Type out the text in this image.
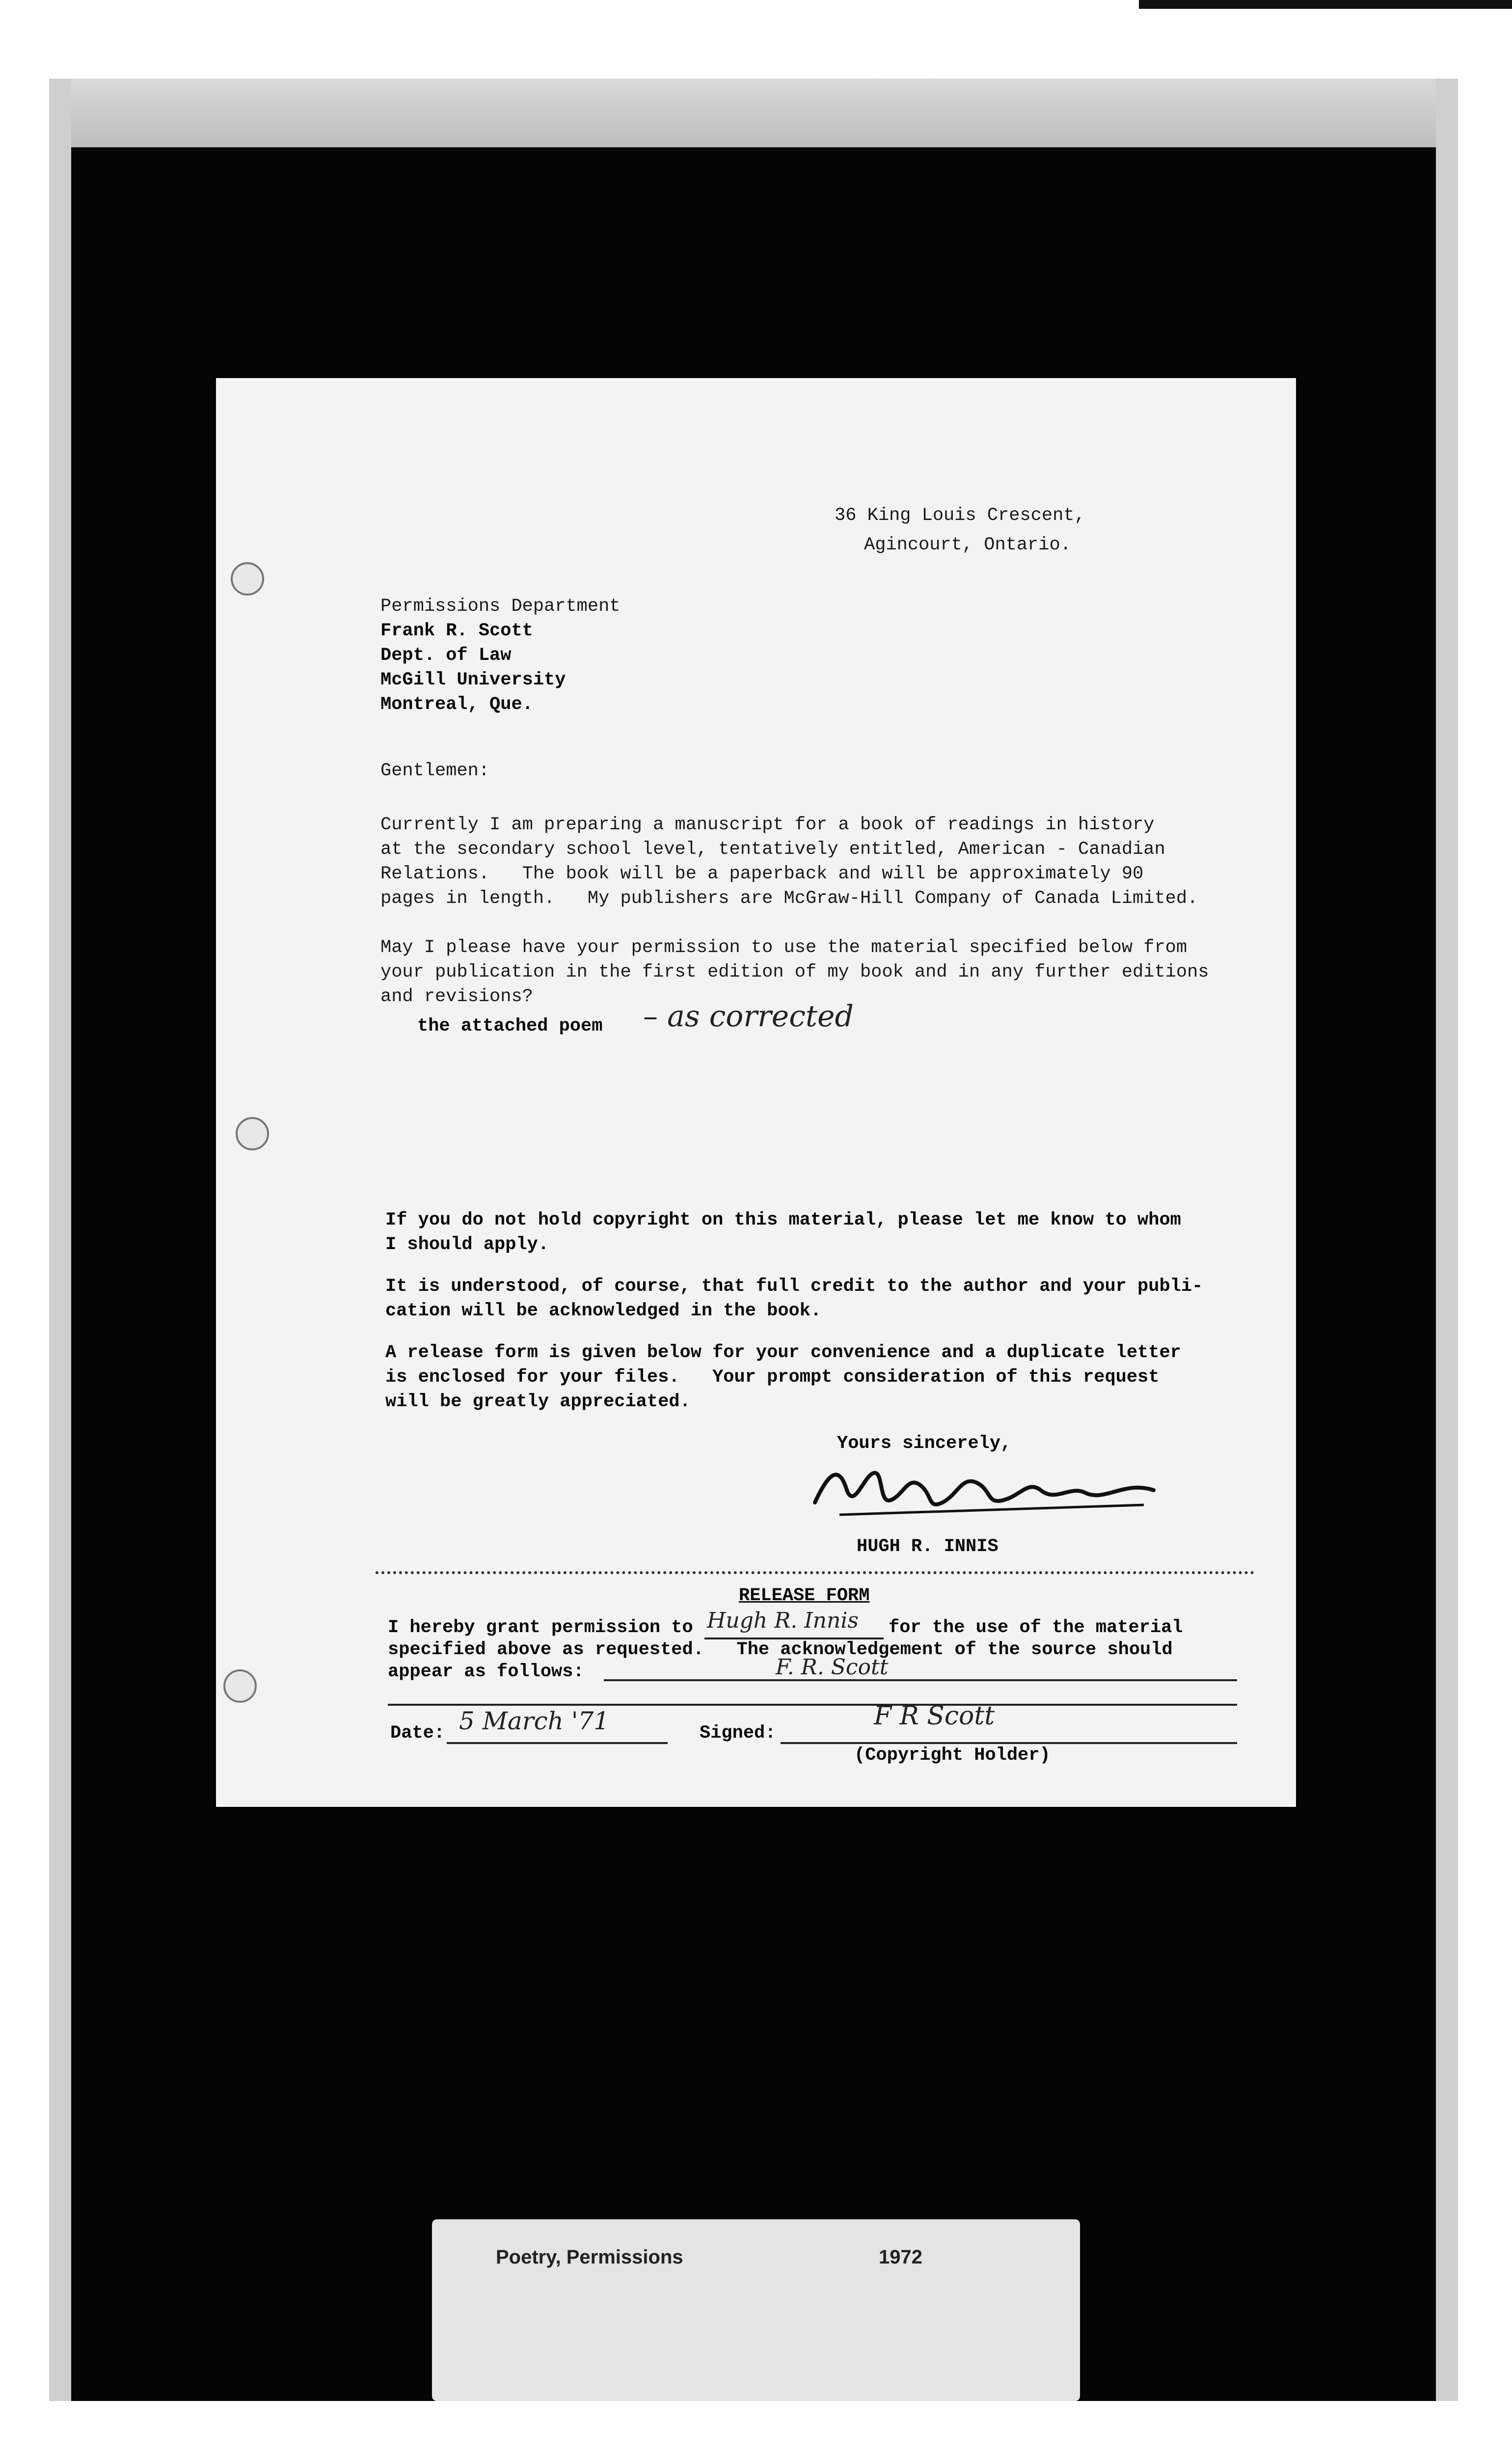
36 King Louis Crescent,
Agincourt, Ontario.
Permissions Department
Frank R. Scott
Dept. of Law
McGill University
Montreal, Que.
Gentlemen:
Currently I am preparing a manuscript for a book of readings in history
at the secondary school level, tentatively entitled, American - Canadian
Relations.   The book will be a paperback and will be approximately 90
pages in length.   My publishers are McGraw-Hill Company of Canada Limited.
May I please have your permission to use the material specified below from
your publication in the first edition of my book and in any further editions
and revisions?
the attached poem – as corrected
If you do not hold copyright on this material, please let me know to whom
I should apply.
It is understood, of course, that full credit to the author and your publi-
cation will be acknowledged in the book.
A release form is given below for your convenience and a duplicate letter
is enclosed for your files.   Your prompt consideration of this request
will be greatly appreciated.
Yours sincerely,
HUGH R. INNIS
RELEASE FORM
I hereby grant permission to Hugh R. Innis for the use of the material
specified above as requested.   The acknowledgement of the source should
appear as follows:	F. R. Scott
Date: 5 March '71	Signed:
F R Scott
(Copyright Holder)
Poetry, Permissions	1972
